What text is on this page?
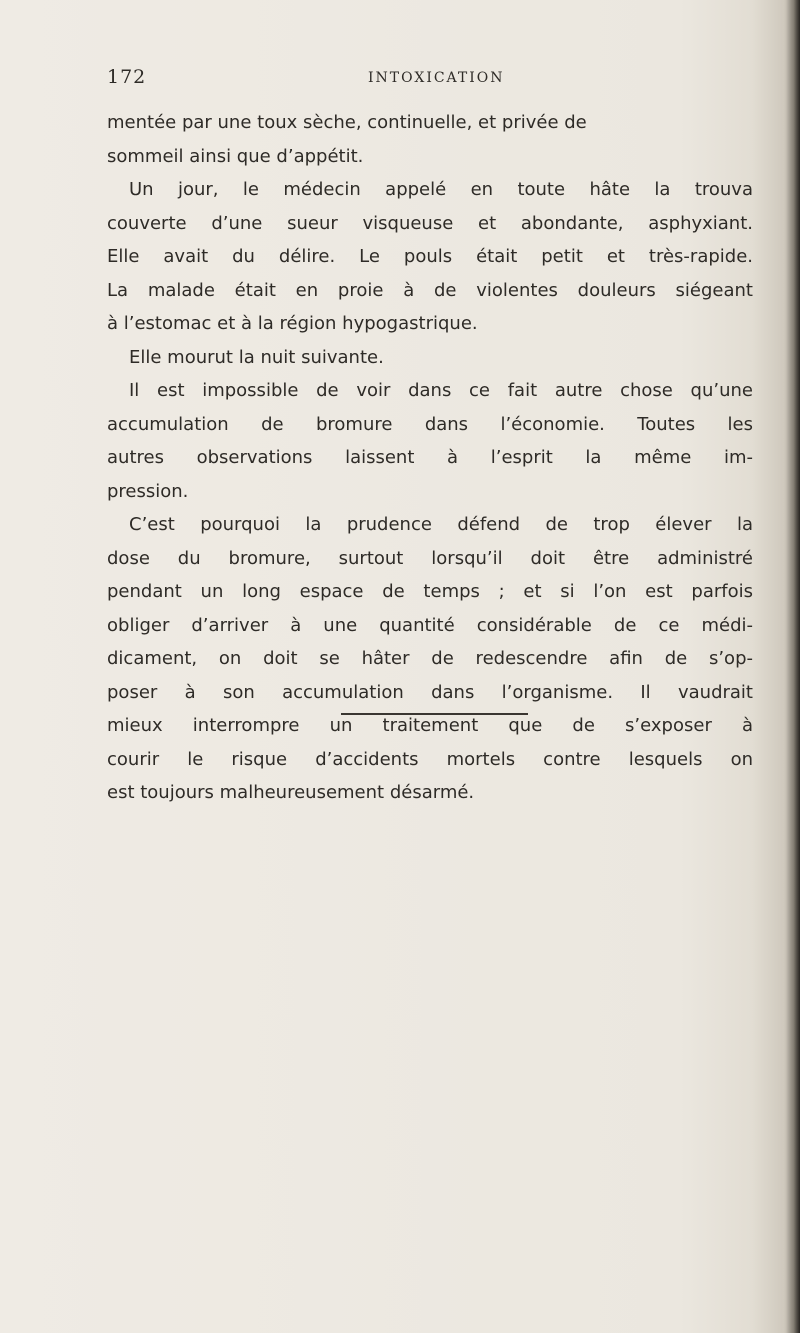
172	INTOXICATION
mentée par une toux sèche, continuelle, et privée de
sommeil ainsi que d’appétit.
Un jour, le médecin appelé en toute hâte la trouva
couverte d’une sueur visqueuse et abondante, asphyxiant.
Elle avait du délire. Le pouls était petit et très-rapide.
La malade était en proie à de violentes douleurs siégeant
à l’estomac et à la région hypogastrique.
Elle mourut la nuit suivante.
Il est impossible de voir dans ce fait autre chose qu’une
accumulation de bromure dans l’économie. Toutes les
autres observations laissent à l’esprit la même im-
pression.
C’est pourquoi la prudence défend de trop élever la
dose du bromure, surtout lorsqu’il doit être administré
pendant un long espace de temps ; et si l’on est parfois
obliger d’arriver à une quantité considérable de ce médi-
dicament, on doit se hâter de redescendre afin de s’op-
poser à son accumulation dans l’organisme. Il vaudrait
mieux interrompre un traitement que de s’exposer à
courir le risque d’accidents mortels contre lesquels on
est toujours malheureusement désarmé.
